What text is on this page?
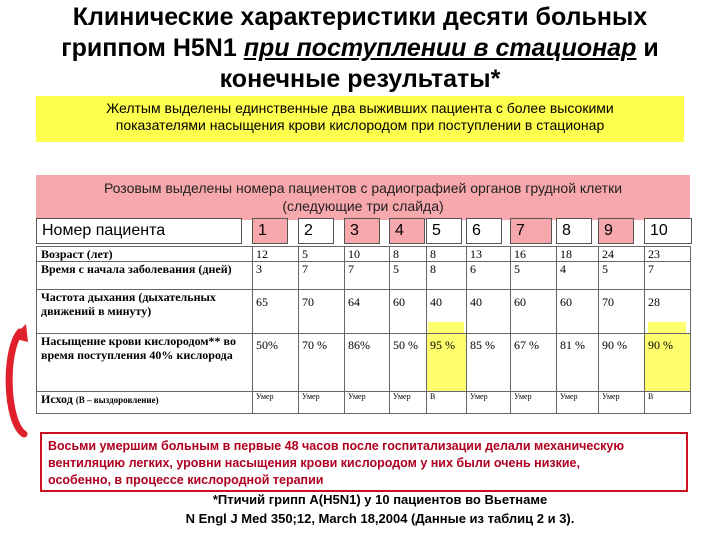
Клинические характеристики десяти больных
гриппом H5N1 при поступлении в стационар и
конечные результаты*
Желтым выделены единственные два выживших пациента с более высокими
показателями насыщения крови кислородом при поступлении в стационар
Розовым выделены номера пациентов с радиографией органов грудной клетки
(следующие три слайда)
Номер пациента	1	2	3	4	5	6	7	8	9	10
Возраст (лет)	12	5	10	8	8	13	16	18	24	23
Время с начала заболевания (дней)	3	7	7	5	8	6	5	4	5	7
Частота дыхания (дыхательных движений в минуту)	65	70	64	60	40	40	60	60	70	28
Насыщение крови кислородом** во время поступления 40% кислорода	50%	70 %	86%	50 %	95 %	85 %	67 %	81 %	90 %	90 %
Исход (В – выздоровление)	Умер	Умер	Умер	Умер	В	Умер	Умер	Умер	Умер	В
Восьми умершим больным в первые 48 часов после госпитализации делали механическую
вентиляцию легких, уровни насыщения крови кислородом у них были очень низкие,
особенно, в процессе кислородной терапии
*Птичий грипп A(H5N1) у 10 пациентов во Вьетнаме
N Engl J Med 350;12, March 18,2004 (Данные из таблиц 2 и 3).
